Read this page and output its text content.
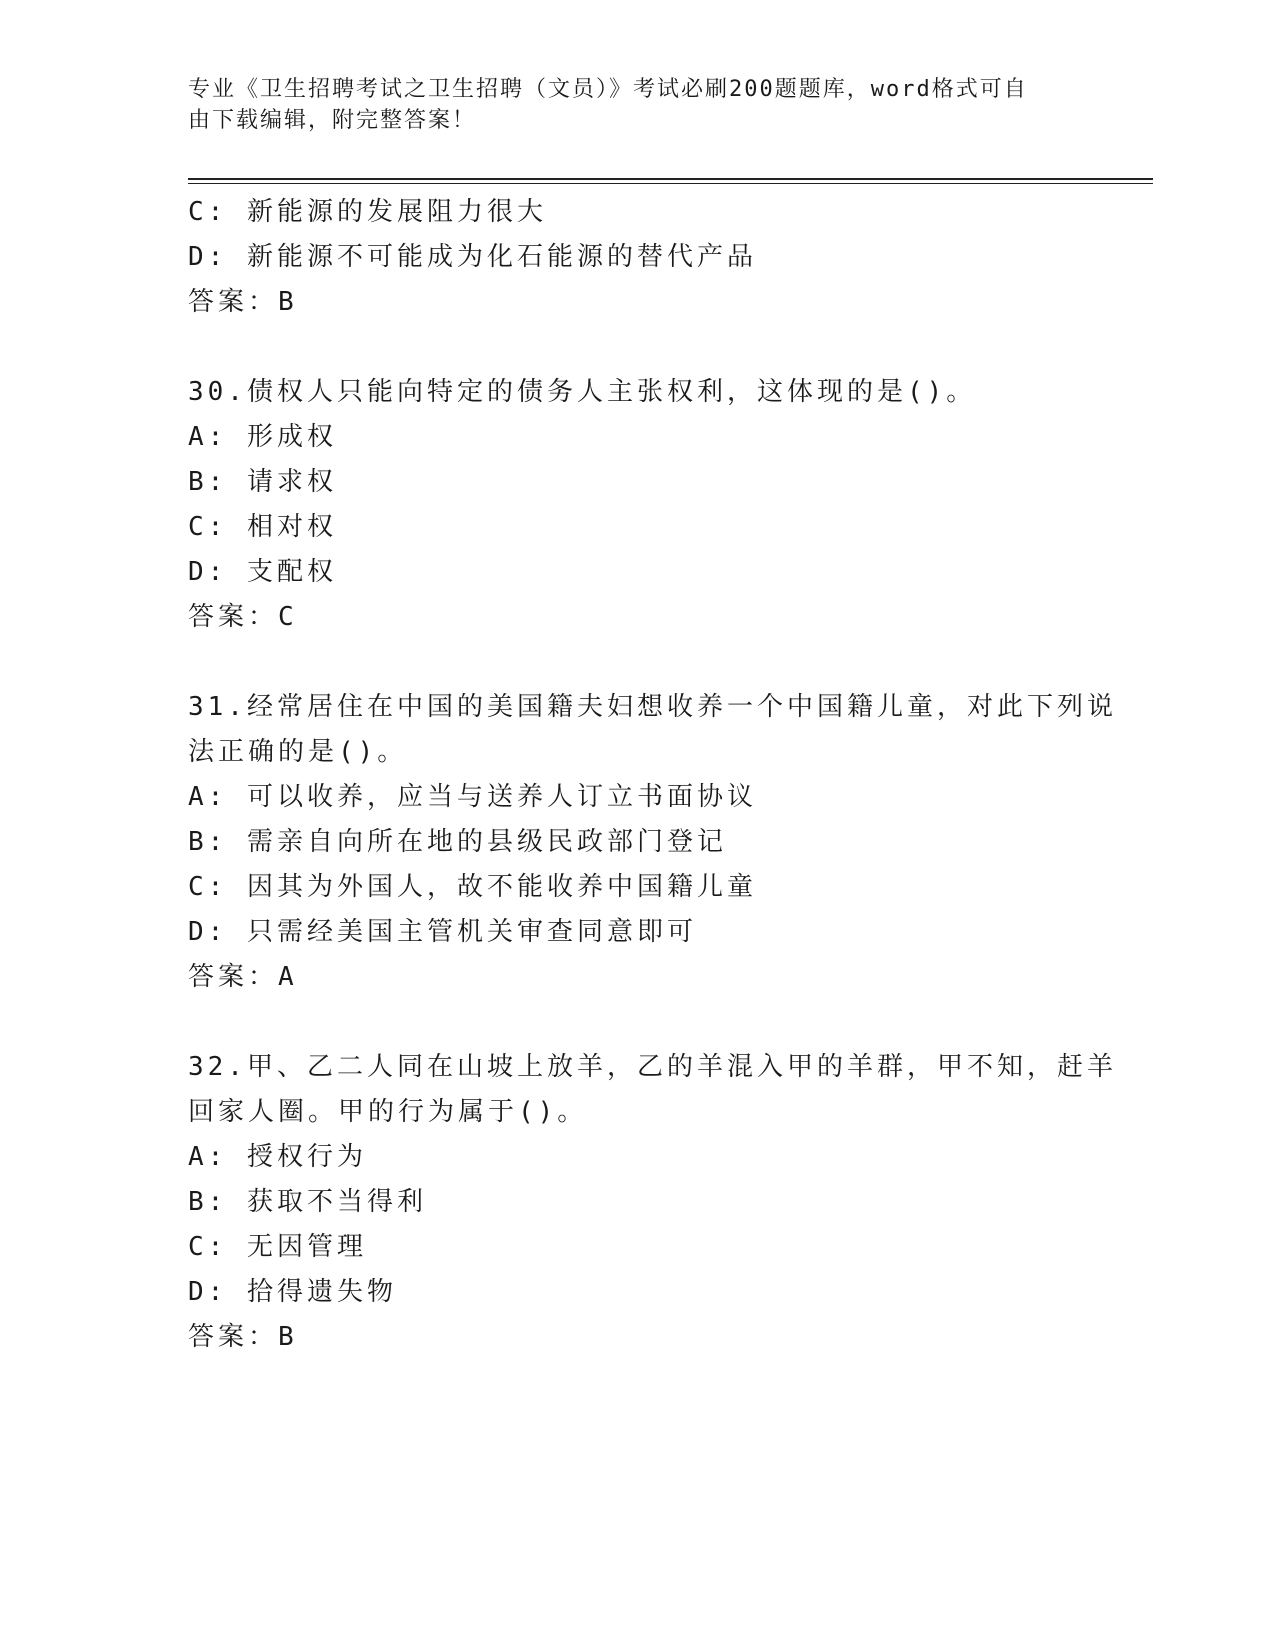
专业《卫生招聘考试之卫生招聘（文员）》考试必刷200题题库，word格式可自
由下载编辑，附完整答案！
C: 新能源的发展阻力很大
D: 新能源不可能成为化石能源的替代产品
答案：B
30.债权人只能向特定的债务人主张权利，这体现的是()。
A: 形成权
B: 请求权
C: 相对权
D: 支配权
答案：C
31.经常居住在中国的美国籍夫妇想收养一个中国籍儿童，对此下列说
法正确的是()。
A: 可以收养，应当与送养人订立书面协议
B: 需亲自向所在地的县级民政部门登记
C: 因其为外国人，故不能收养中国籍儿童
D: 只需经美国主管机关审查同意即可
答案：A
32.甲、乙二人同在山坡上放羊，乙的羊混入甲的羊群，甲不知，赶羊
回家人圈。甲的行为属于()。
A: 授权行为
B: 获取不当得利
C: 无因管理
D: 拾得遗失物
答案：B
